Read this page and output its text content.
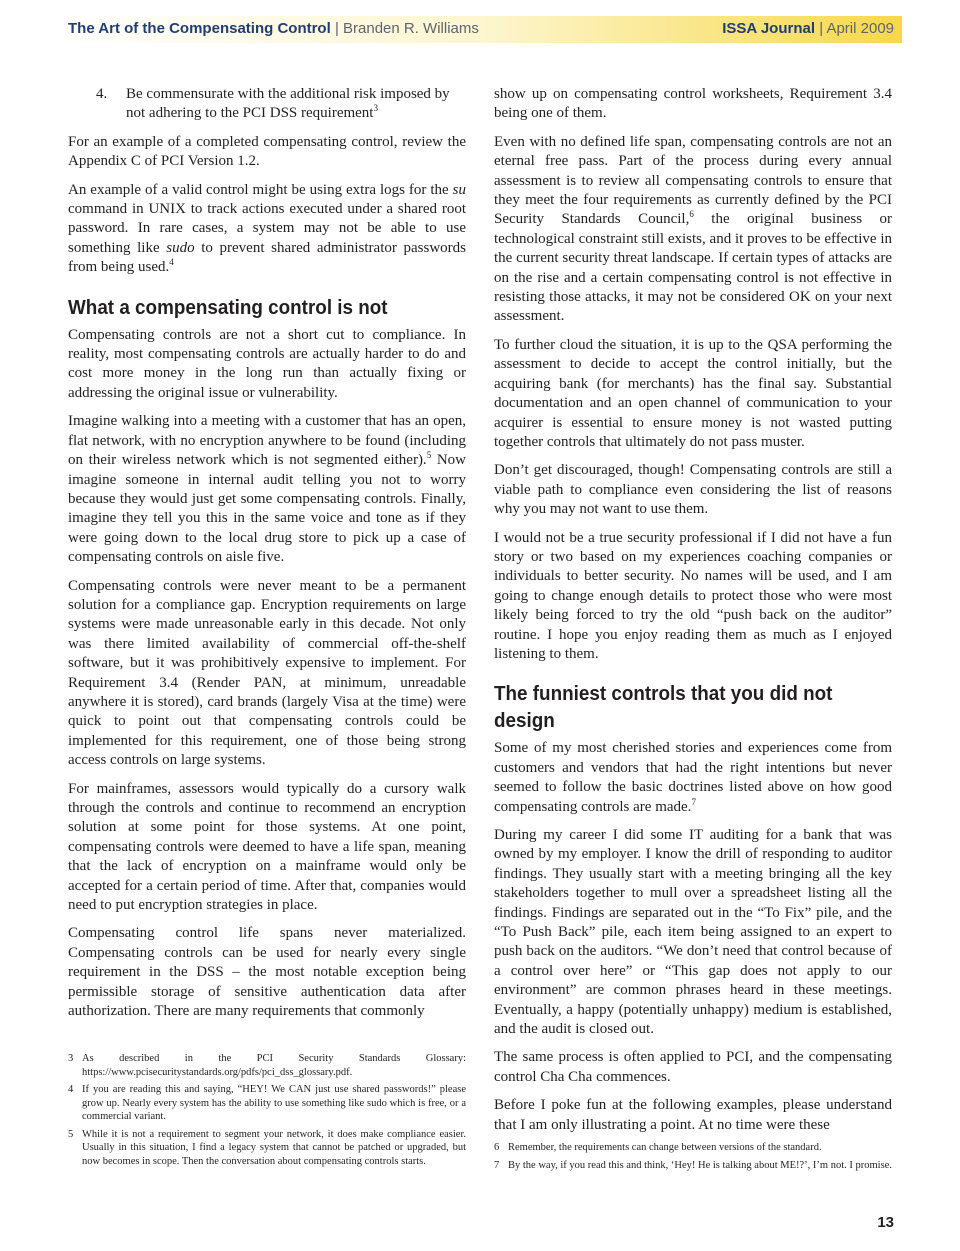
The Art of the Compensating Control | Branden R. Williams	ISSA Journal | April 2009

4.	Be commensurate with the additional risk imposed by not adhering to the PCI DSS requirement$^3$

For an example of a completed compensating control, review the Appendix C of PCI Version 1.2.

An example of a valid control might be using extra logs for the su command in UNIX to track actions executed under a shared root password. In rare cases, a system may not be able to use something like sudo to prevent shared administrator passwords from being used.$^4$

What a compensating control is not

Compensating controls are not a short cut to compliance. In reality, most compensating controls are actually harder to do and cost more money in the long run than actually fixing or addressing the original issue or vulnerability.

Imagine walking into a meeting with a customer that has an open, flat network, with no encryption anywhere to be found (including on their wireless network which is not segmented either).$^5$ Now imagine someone in internal audit telling you not to worry because they would just get some compensating controls. Finally, imagine they tell you this in the same voice and tone as if they were going down to the local drug store to pick up a case of compensating controls on aisle five.

Compensating controls were never meant to be a permanent solution for a compliance gap. Encryption requirements on large systems were made unreasonable early in this decade. Not only was there limited availability of commercial off-the-shelf software, but it was prohibitively expensive to implement. For Requirement 3.4 (Render PAN, at minimum, unreadable anywhere it is stored), card brands (largely Visa at the time) were quick to point out that compensating controls could be implemented for this requirement, one of those being strong access controls on large systems.

For mainframes, assessors would typically do a cursory walk through the controls and continue to recommend an encryption solution at some point for those systems. At one point, compensating controls were deemed to have a life span, meaning that the lack of encryption on a mainframe would only be accepted for a certain period of time. After that, companies would need to put encryption strategies in place.

Compensating control life spans never materialized. Compensating controls can be used for nearly every single requirement in the DSS – the most notable exception being permissible storage of sensitive authentication data after authorization. There are many requirements that commonly

show up on compensating control worksheets, Requirement 3.4 being one of them.

Even with no defined life span, compensating controls are not an eternal free pass. Part of the process during every annual assessment is to review all compensating controls to ensure that they meet the four requirements as currently defined by the PCI Security Standards Council,$^6$ the original business or technological constraint still exists, and it proves to be effective in the current security threat landscape. If certain types of attacks are on the rise and a certain compensating control is not effective in resisting those attacks, it may not be considered OK on your next assessment.

To further cloud the situation, it is up to the QSA performing the assessment to decide to accept the control initially, but the acquiring bank (for merchants) has the final say. Substantial documentation and an open channel of communication to your acquirer is essential to ensure money is not wasted putting together controls that ultimately do not pass muster.

Don’t get discouraged, though! Compensating controls are still a viable path to compliance even considering the list of reasons why you may not want to use them.

I would not be a true security professional if I did not have a fun story or two based on my experiences coaching companies or individuals to better security. No names will be used, and I am going to change enough details to protect those who were most likely being forced to try the old “push back on the auditor” routine. I hope you enjoy reading them as much as I enjoyed listening to them.

The funniest controls that you did not design

Some of my most cherished stories and experiences come from customers and vendors that had the right intentions but never seemed to follow the basic doctrines listed above on how good compensating controls are made.$^7$

During my career I did some IT auditing for a bank that was owned by my employer. I know the drill of responding to auditor findings. They usually start with a meeting bringing all the key stakeholders together to mull over a spreadsheet listing all the findings. Findings are separated out in the “To Fix” pile, and the “To Push Back” pile, each item being assigned to an expert to push back on the auditors. “We don’t need that control because of a control over here” or “This gap does not apply to our environment” are common phrases heard in these meetings. Eventually, a happy (potentially unhappy) medium is established, and the audit is closed out.

The same process is often applied to PCI, and the compensating control Cha Cha commences.

Before I poke fun at the following examples, please understand that I am only illustrating a point. At no time were these

3 As described in the PCI Security Standards Glossary: https://www.pcisecuritystandards.org/pdfs/pci_dss_glossary.pdf.
4 If you are reading this and saying, “HEY! We CAN just use shared passwords!” please grow up. Nearly every system has the ability to use something like sudo which is free, or a commercial variant.
5 While it is not a requirement to segment your network, it does make compliance easier. Usually in this situation, I find a legacy system that cannot be patched or upgraded, but now becomes in scope. Then the conversation about compensating controls starts.
6 Remember, the requirements can change between versions of the standard.
7 By the way, if you read this and think, ‘Hey! He is talking about ME!?’, I’m not. I promise.
13
